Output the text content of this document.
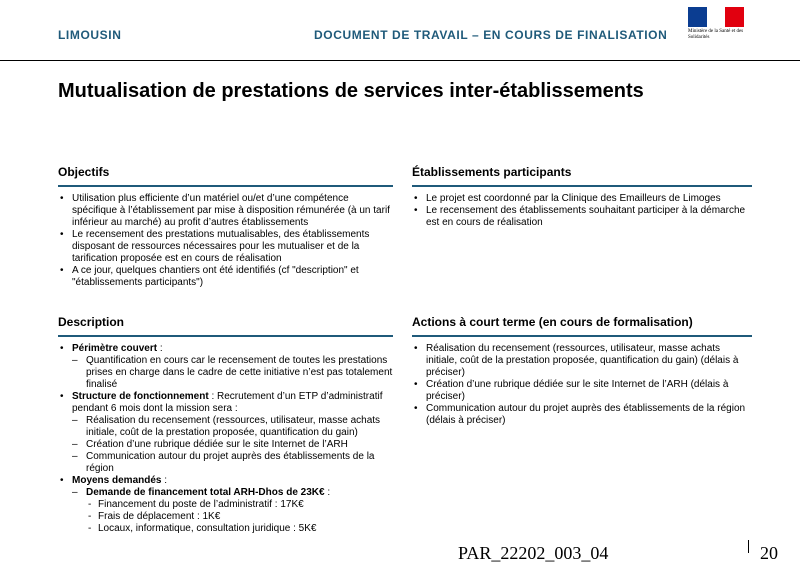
LIMOUSIN	DOCUMENT DE TRAVAIL – EN COURS DE FINALISATION	Ministère de la Santé et des Solidarités
Mutualisation de prestations de services inter-établissements
Objectifs
• Utilisation plus efficiente d’un matériel ou/et d’une compétence spécifique à l’établissement par mise à disposition rémunérée (à un tarif inférieur au marché) au profit d’autres établissements
• Le recensement des prestations mutualisables, des établissements disposant de ressources nécessaires pour les mutualiser et de la tarification proposée est en cours de réalisation
• A ce jour, quelques chantiers ont été identifiés (cf "description" et "établissements participants")
Établissements participants
• Le projet est coordonné par la Clinique des Emailleurs de Limoges
• Le recensement des établissements souhaitant participer à la démarche est en cours de réalisation
Description
• Périmètre couvert :
– Quantification en cours car le recensement de toutes les prestations prises en charge dans le cadre de cette initiative n’est pas totalement finalisé
• Structure de fonctionnement : Recrutement d’un ETP d’administratif pendant 6 mois dont la mission sera :
– Réalisation du recensement (ressources, utilisateur, masse achats initiale, coût de la prestation proposée, quantification du gain)
– Création d’une rubrique dédiée sur le site Internet de l’ARH
– Communication autour du projet auprès des établissements de la région
• Moyens demandés :
– Demande de financement total ARH-Dhos de 23K€ :
- Financement du poste de l’administratif : 17K€
- Frais de déplacement : 1K€
- Locaux, informatique, consultation juridique : 5K€
Actions à court terme (en cours de formalisation)
• Réalisation du recensement (ressources, utilisateur, masse achats initiale, coût de la prestation proposée, quantification du gain) (délais à préciser)
• Création d’une rubrique dédiée sur le site Internet de l’ARH (délais à préciser)
• Communication autour du projet auprès des établissements de la région (délais à préciser)
PAR_22202_003_04	20
